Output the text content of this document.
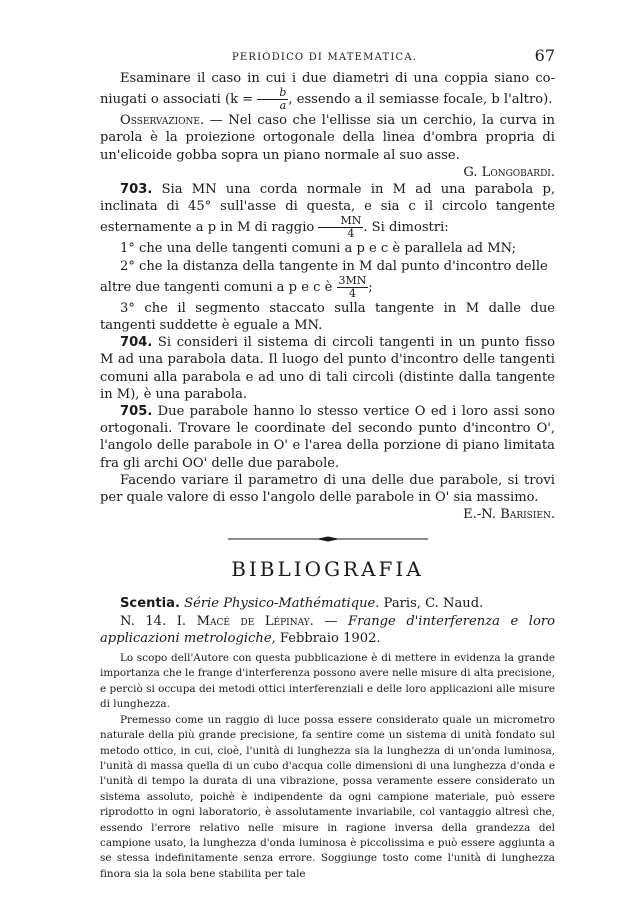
PERIODICO DI MATEMATICA.	67

Esaminare il caso in cui i due diametri di una coppia siano co- niugati o associati ($k = \frac{b}{a}$ , essendo a il semiasse focale, b l'altro).

Osservazione. — Nel caso che l'ellisse sia un cerchio, la curva in parola è la proiezione ortogonale della linea d'ombra propria di un'elicoide gobba sopra un piano normale al suo asse.

G. Longobardi.

703. Sia MN una corda normale in M ad una parabola p, inclinata di 45° sull'asse di questa, e sia c il circolo tangente esternamente a p in M di raggio $\frac{MN}{4}$ . Si dimostri:

1° che una delle tangenti comuni a p e c è parallela ad MN;

2° che la distanza della tangente in M dal punto d'incontro delle

altre due tangenti comuni a p e c è $\frac{3MN}{4}$ ;

3° che il segmento staccato sulla tangente in M dalle due tangenti suddette è eguale a MN.

704. Si consideri il sistema di circoli tangenti in un punto fisso M ad una parabola data. Il luogo del punto d'incontro delle tangenti comuni alla parabola e ad uno di tali circoli (distinte dalla tangente in M), è una parabola.

705. Due parabole hanno lo stesso vertice O ed i loro assi sono ortogonali. Trovare le coordinate del secondo punto d'incontro O', l'angolo delle parabole in O' e l'area della porzione di piano limitata fra gli archi OO' delle due parabole.

Facendo variare il parametro di una delle due parabole, si trovi per quale valore di esso l'angolo delle parabole in O' sia massimo.

E.-N. Barisien.

BIBLIOGRAFIA

Scentia. Série Physico-Mathématique. Paris, C. Naud.

N. 14. I. Macé de Lépinay. — Frange d'interferenza e loro applicazioni metrologiche, Febbraio 1902.

Lo scopo dell'Autore con questa pubblicazione è di mettere in evidenza la grande importanza che le frange d'interferenza possono avere nelle misure di alta precisione, e perciò si occupa dei metodi ottici interferenziali e delle loro applicazioni alle misure di lunghezza.

Premesso come un raggio di luce possa essere considerato quale un micrometro naturale della più grande precisione, fa sentire come un sistema di unità fondato sul metodo ottico, in cui, cioè, l'unità di lunghezza sia la lunghezza di un'onda luminosa, l'unità di massa quella di un cubo d'acqua colle dimensioni di una lunghezza d'onda e l'unità di tempo la durata di una vibrazione, possa veramente essere considerato un sistema assoluto, poichè è indipendente da ogni campione materiale, può essere riprodotto in ogni laboratorio, è assolutamente invariabile, col vantaggio altresì che, essendo l'errore relativo nelle misure in ragione inversa della grandezza del campione usato, la lunghezza d'onda luminosa è piccolissima e può essere aggiunta a se stessa indefinitamente senza errore. Soggiunge tosto come l'unità di lunghezza finora sia la sola bene stabilita per tale
